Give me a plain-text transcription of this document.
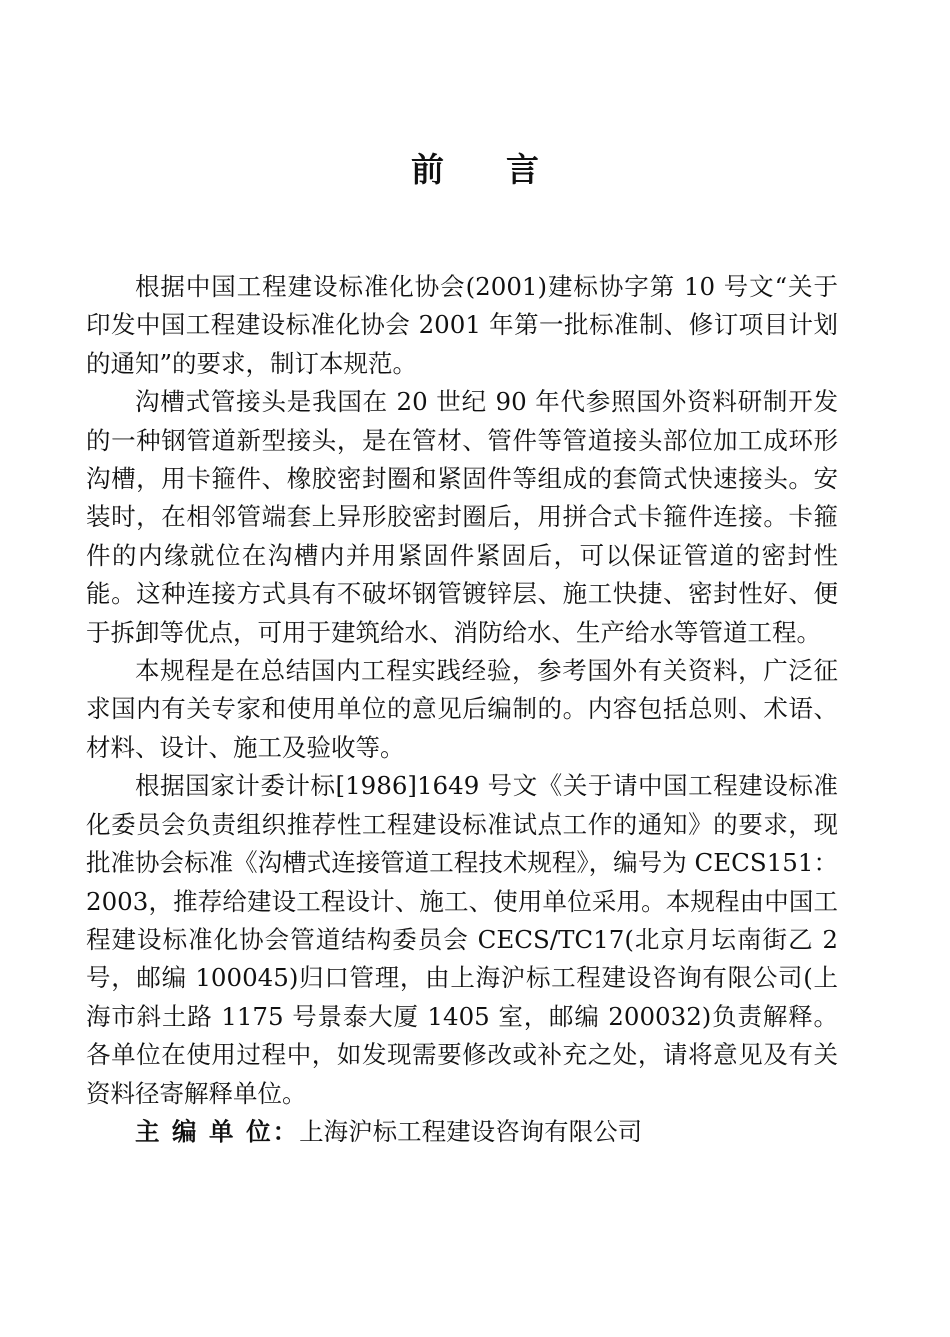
前言

根据中国工程建设标准化协会(2001)建标协字第 10 号文“关于印发中国工程建设标准化协会 2001 年第一批标准制、修订项目计划的通知”的要求，制订本规范。

沟槽式管接头是我国在 20 世纪 90 年代参照国外资料研制开发的一种钢管道新型接头，是在管材、管件等管道接头部位加工成环形沟槽，用卡箍件、橡胶密封圈和紧固件等组成的套筒式快速接头。安装时，在相邻管端套上异形胶密封圈后，用拼合式卡箍件连接。卡箍件的内缘就位在沟槽内并用紧固件紧固后，可以保证管道的密封性能。这种连接方式具有不破坏钢管镀锌层、施工快捷、密封性好、便于拆卸等优点，可用于建筑给水、消防给水、生产给水等管道工程。

本规程是在总结国内工程实践经验，参考国外有关资料，广泛征求国内有关专家和使用单位的意见后编制的。内容包括总则、术语、材料、设计、施工及验收等。

根据国家计委计标[1986]1649 号文《关于请中国工程建设标准化委员会负责组织推荐性工程建设标准试点工作的通知》的要求，现批准协会标准《沟槽式连接管道工程技术规程》，编号为 CECS151：2003，推荐给建设工程设计、施工、使用单位采用。本规程由中国工程建设标准化协会管道结构委员会 CECS/TC17(北京月坛南街乙 2 号，邮编 100045)归口管理，由上海沪标工程建设咨询有限公司(上海市斜土路 1175 号景泰大厦 1405 室，邮编 200032)负责解释。各单位在使用过程中，如发现需要修改或补充之处，请将意见及有关资料径寄解释单位。

主 编 单 位：上海沪标工程建设咨询有限公司
